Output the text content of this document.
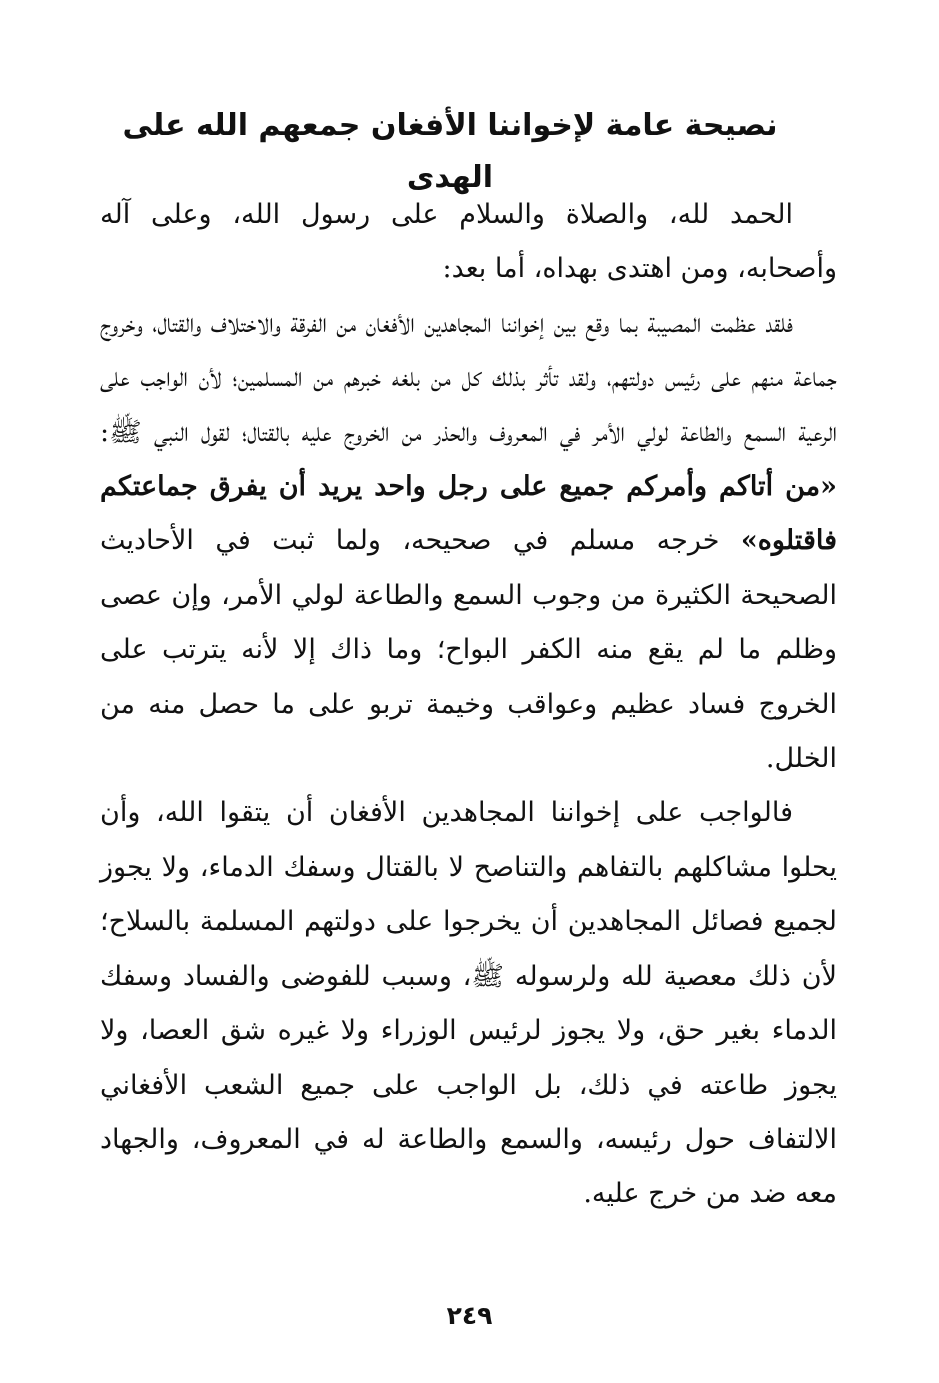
نصيحة عامة لإخواننا الأفغان جمعهم الله على الهدى

الحمد لله، والصلاة والسلام على رسول الله، وعلى آله وأصحابه، ومن اهتدى بهداه، أما بعد:

فلقد عظمت المصيبة بما وقع بين إخواننا المجاهدين الأفغان من الفرقة والاختلاف والقتال، وخروج جماعة منهم على رئيس دولتهم، ولقد تأثر بذلك كل من بلغه خبرهم من المسلمين؛ لأن الواجب على الرعية السمع والطاعة لولي الأمر في المعروف والحذر من الخروج عليه بالقتال؛ لقول النبي ﷺ: «من أتاكم وأمركم جميع على رجل واحد يريد أن يفرق جماعتكم فاقتلوه» خرجه مسلم في صحيحه، ولما ثبت في الأحاديث الصحيحة الكثيرة من وجوب السمع والطاعة لولي الأمر، وإن عصى وظلم ما لم يقع منه الكفر البواح؛ وما ذاك إلا لأنه يترتب على الخروج فساد عظيم وعواقب وخيمة تربو على ما حصل منه من الخلل.

فالواجب على إخواننا المجاهدين الأفغان أن يتقوا الله، وأن يحلوا مشاكلهم بالتفاهم والتناصح لا بالقتال وسفك الدماء، ولا يجوز لجميع فصائل المجاهدين أن يخرجوا على دولتهم المسلمة بالسلاح؛ لأن ذلك معصية لله ولرسوله ﷺ، وسبب للفوضى والفساد وسفك الدماء بغير حق، ولا يجوز لرئيس الوزراء ولا غيره شق العصا، ولا يجوز طاعته في ذلك، بل الواجب على جميع الشعب الأفغاني الالتفاف حول رئيسه، والسمع والطاعة له في المعروف، والجهاد معه ضد من خرج عليه.

٢٤٩
